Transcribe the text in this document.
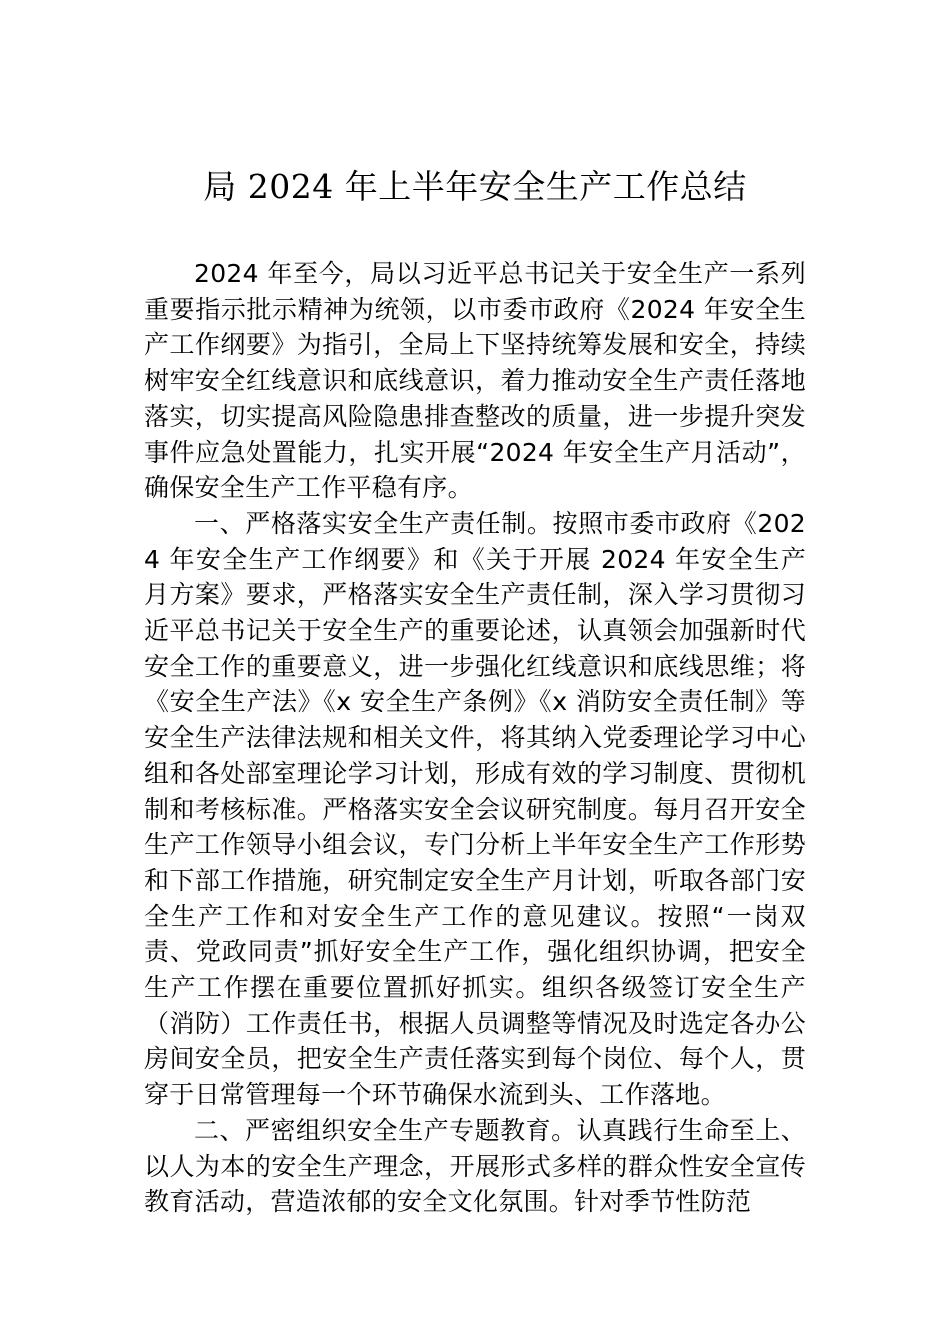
局 2024 年上半年安全生产工作总结

2024 年至今，局以习近平总书记关于安全生产一系列重要指示批示精神为统领，以市委市政府《2024 年安全生产工作纲要》为指引，全局上下坚持统筹发展和安全，持续树牢安全红线意识和底线意识，着力推动安全生产责任落地落实，切实提高风险隐患排查整改的质量，进一步提升突发事件应急处置能力，扎实开展“2024 年安全生产月活动”，确保安全生产工作平稳有序。

一、严格落实安全生产责任制。按照市委市政府《2024 年安全生产工作纲要》和《关于开展 2024 年安全生产月方案》要求，严格落实安全生产责任制，深入学习贯彻习近平总书记关于安全生产的重要论述，认真领会加强新时代安全工作的重要意义，进一步强化红线意识和底线思维；将《安全生产法》《x 安全生产条例》《x 消防安全责任制》等安全生产法律法规和相关文件，将其纳入党委理论学习中心组和各处部室理论学习计划，形成有效的学习制度、贯彻机制和考核标准。严格落实安全会议研究制度。每月召开安全生产工作领导小组会议，专门分析上半年安全生产工作形势和下部工作措施，研究制定安全生产月计划，听取各部门安全生产工作和对安全生产工作的意见建议。按照“一岗双责、党政同责”抓好安全生产工作，强化组织协调，把安全生产工作摆在重要位置抓好抓实。组织各级签订安全生产（消防）工作责任书，根据人员调整等情况及时选定各办公房间安全员，把安全生产责任落实到每个岗位、每个人，贯穿于日常管理每一个环节确保水流到头、工作落地。

二、严密组织安全生产专题教育。认真践行生命至上、以人为本的安全生产理念，开展形式多样的群众性安全宣传教育活动，营造浓郁的安全文化氛围。针对季节性防范
